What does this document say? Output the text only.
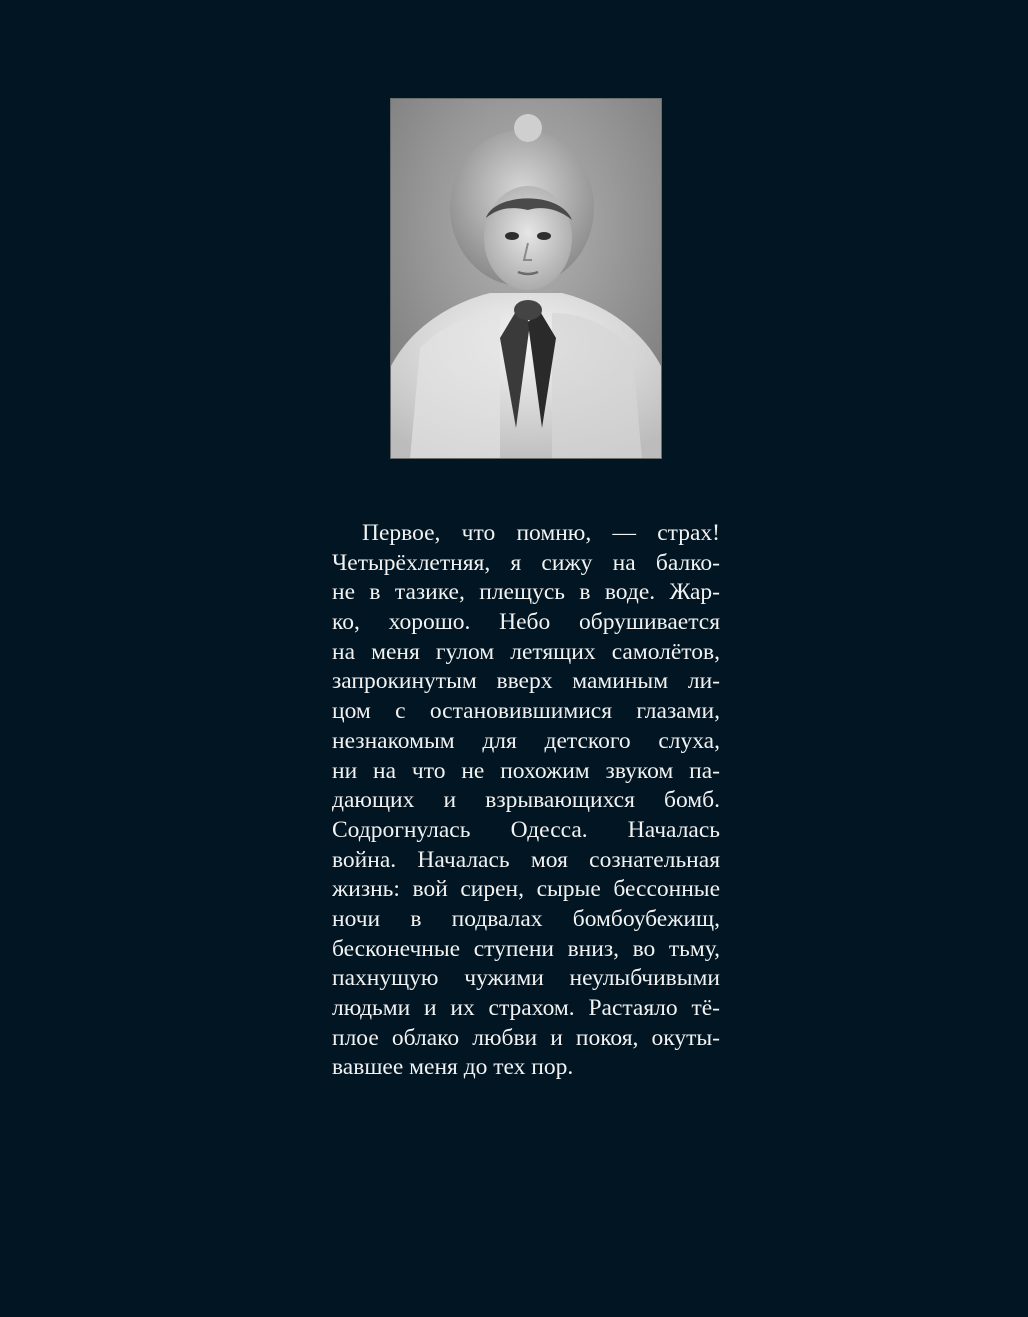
Первое, что помню, — страх!
Четырёхлетняя, я сижу на балко-
не в тазике, плещусь в воде. Жар-
ко, хорошо. Небо обрушивается
на меня гулом летящих самолётов,
запрокинутым вверх маминым ли-
цом с остановившимися глазами,
незнакомым для детского слуха,
ни на что не похожим звуком па-
дающих и взрывающихся бомб.
Содрогнулась Одесса. Началась
война. Началась моя сознательная
жизнь: вой сирен, сырые бессонные
ночи в подвалах бомбоубежищ,
бесконечные ступени вниз, во тьму,
пахнущую чужими неулыбчивыми
людьми и их страхом. Растаяло тё-
плое облако любви и покоя, окуты-
вавшее меня до тех пор.
